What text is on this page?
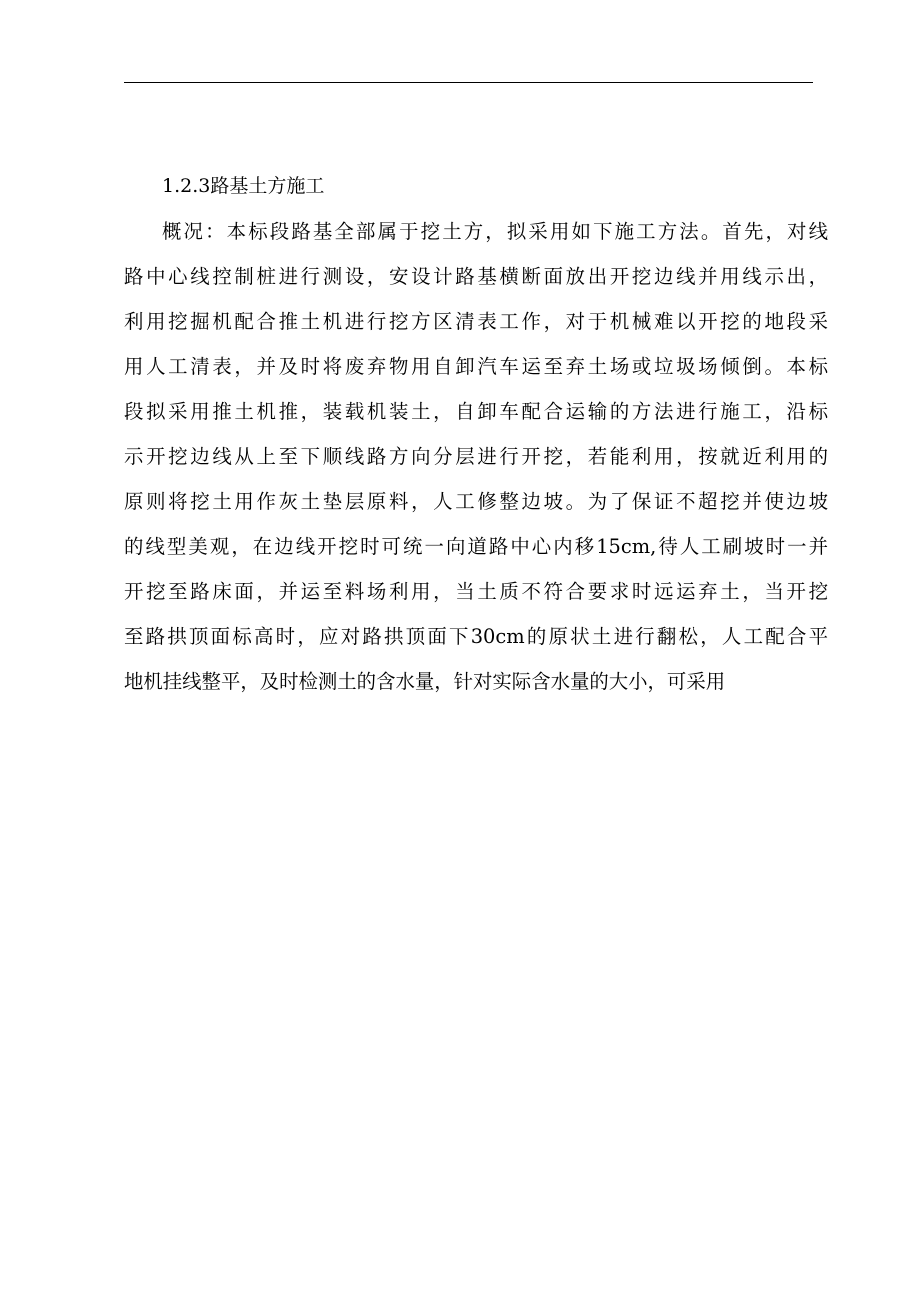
1.2.3路基土方施工
概况：本标段路基全部属于挖土方，拟采用如下施工方法。首先，对线
路中心线控制桩进行测设，安设计路基横断面放出开挖边线并用线示出，
利用挖掘机配合推土机进行挖方区清表工作，对于机械难以开挖的地段采
用人工清表，并及时将废弃物用自卸汽车运至弃土场或垃圾场倾倒。本标
段拟采用推土机推，装载机装土，自卸车配合运输的方法进行施工，沿标
示开挖边线从上至下顺线路方向分层进行开挖，若能利用，按就近利用的
原则将挖土用作灰土垫层原料，人工修整边坡。为了保证不超挖并使边坡
的线型美观，在边线开挖时可统一向道路中心内移15cm,待人工刷坡时一并
开挖至路床面，并运至料场利用，当土质不符合要求时远运弃土，当开挖
至路拱顶面标高时，应对路拱顶面下30cm的原状土进行翻松，人工配合平
地机挂线整平，及时检测土的含水量，针对实际含水量的大小，可采用
